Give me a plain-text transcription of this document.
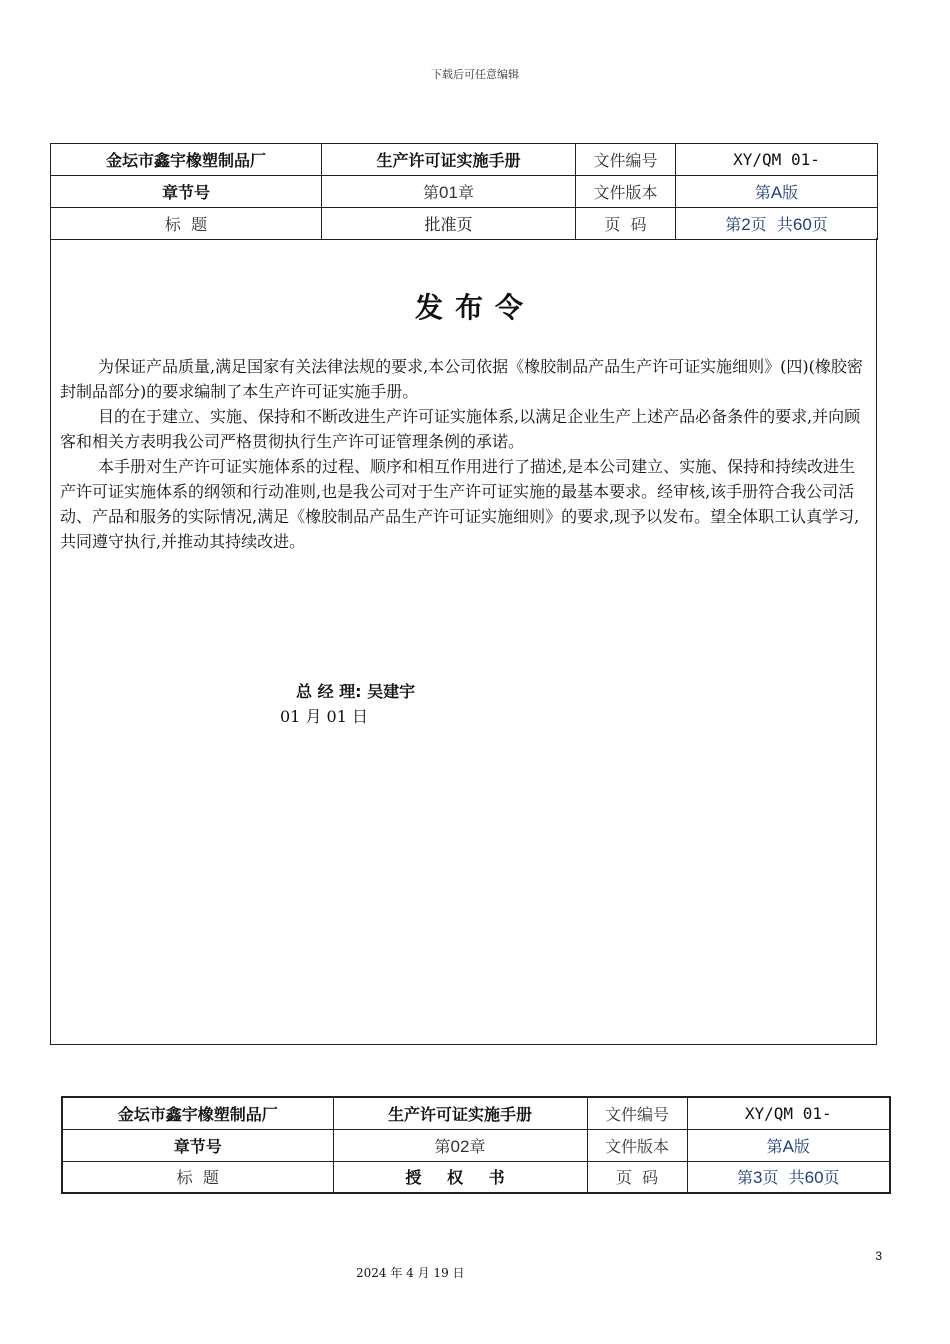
下载后可任意编辑
金坛市鑫宇橡塑制品厂	生产许可证实施手册	文件编号	XY/QM 01-
章节号	第01章	文件版本	第A版
标  题	批准页	页  码	第2页  共60页
发布令

为保证产品质量,满足国家有关法律法规的要求,本公司依据《橡胶制品产品生产许可证实施细则》(四)(橡胶密封制品部分)的要求编制了本生产许可证实施手册。

目的在于建立、实施、保持和不断改进生产许可证实施体系,以满足企业生产上述产品必备条件的要求,并向顾客和相关方表明我公司严格贯彻执行生产许可证管理条例的承诺。

本手册对生产许可证实施体系的过程、顺序和相互作用进行了描述,是本公司建立、实施、保持和持续改进生产许可证实施体系的纲领和行动准则,也是我公司对于生产许可证实施的最基本要求。经审核,该手册符合我公司活动、产品和服务的实际情况,满足《橡胶制品产品生产许可证实施细则》的要求,现予以发布。望全体职工认真学习,共同遵守执行,并推动其持续改进。

总 经 理: 吴建宇
01 月 01 日
金坛市鑫宇橡塑制品厂	生产许可证实施手册	文件编号	XY/QM 01-
章节号	第02章	文件版本	第A版
标  题	授 权 书	页  码	第3页  共60页
3
2024 年 4 月 19 日
